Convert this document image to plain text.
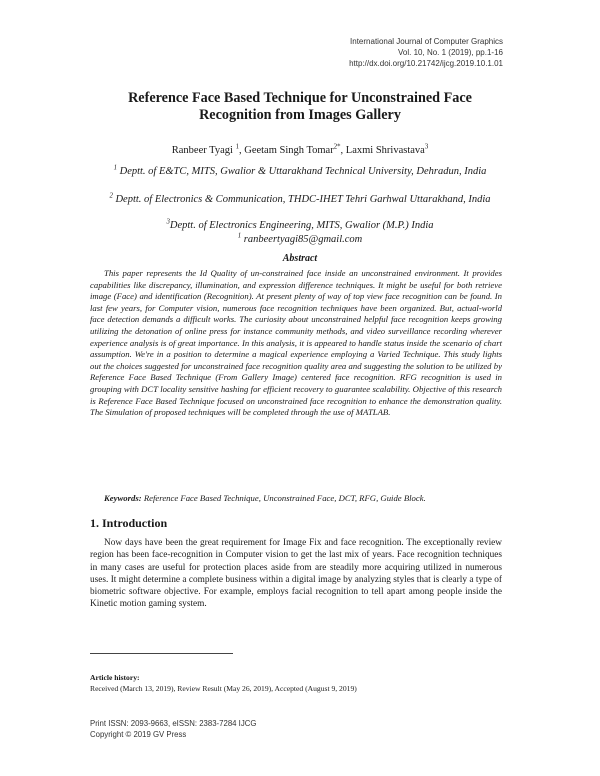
International Journal of Computer Graphics
Vol. 10, No. 1 (2019), pp.1-16
http://dx.doi.org/10.21742/ijcg.2019.10.1.01
Reference Face Based Technique for Unconstrained Face Recognition from Images Gallery
Ranbeer Tyagi $^1$, Geetam Singh Tomar$^{2*}$, Laxmi Shrivastava$^3$
$^1$ Deptt. of E&TC, MITS, Gwalior & Uttarakhand Technical University, Dehradun, India
$^2$ Deptt. of Electronics & Communication, THDC-IHET Tehri Garhwal Uttarakhand, India
$^3$Deptt. of Electronics Engineering, MITS, Gwalior (M.P.) India
$^1$ ranbeertyagi85@gmail.com
Abstract

This paper represents the Id Quality of un-constrained face inside an unconstrained environment. It provides capabilities like discrepancy, illumination, and expression difference techniques. It might be useful for both retrieve image (Face) and identification (Recognition). At present plenty of way of top view face recognition can be found. In last few years, for Computer vision, numerous face recognition techniques have been organized. But, actual-world face detection demands a difficult works. The curiosity about unconstrained helpful face recognition keeps growing utilizing the detonation of online press for instance community methods, and video surveillance recording wherever experience analysis is of great importance. In this analysis, it is appeared to handle status inside the scenario of chart assumption. We're in a position to determine a magical experience employing a Varied Technique. This study lights out the choices suggested for unconstrained face recognition quality area and suggesting the solution to be utilized by Reference Face Based Technique (From Gallery Image) centered face recognition. RFG recognition is used in grouping with DCT locality sensitive hashing for efficient recovery to guarantee scalability. Objective of this research is Reference Face Based Technique focused on unconstrained face recognition to enhance the demonstration quality. The Simulation of proposed techniques will be completed through the use of MATLAB.

Keywords: Reference Face Based Technique, Unconstrained Face, DCT, RFG, Guide Block.
1. Introduction

Now days have been the great requirement for Image Fix and face recognition. The exceptionally review region has been face-recognition in Computer vision to get the last mix of years. Face recognition techniques in many cases are useful for protection places aside from are steadily more acquiring utilized in numerous uses. It might determine a complete business within a digital image by analyzing styles that is clearly a type of biometric software objective. For example, employs facial recognition to tell apart among people inside the Kinetic motion gaming system.

Article history:
Received (March 13, 2019), Review Result (May 26, 2019), Accepted (August 9, 2019)
Print ISSN: 2093-9663, eISSN: 2383-7284 IJCG
Copyright © 2019 GV Press
